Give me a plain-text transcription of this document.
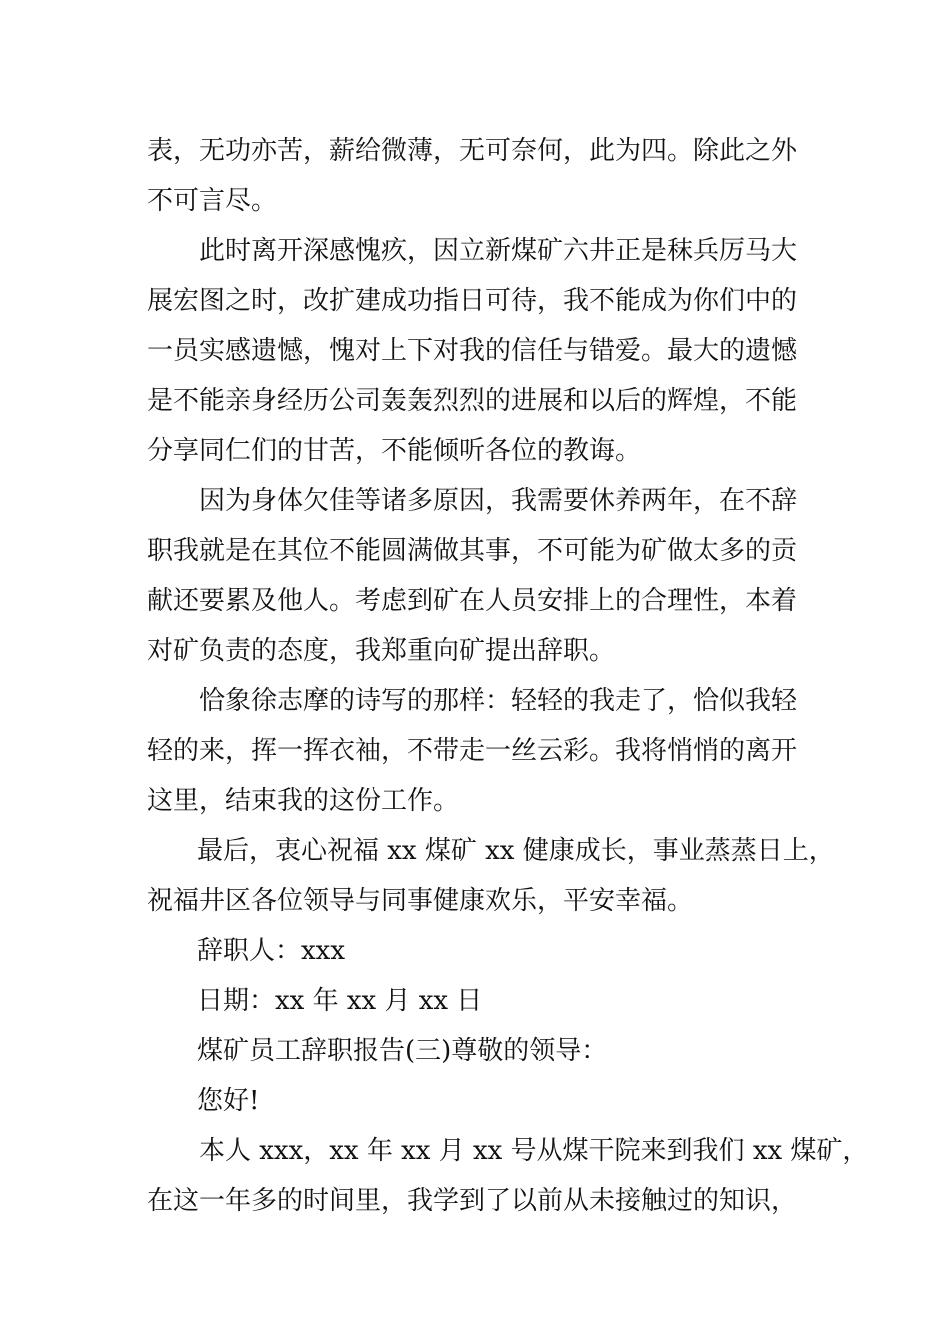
表，无功亦苦，薪给微薄，无可奈何，此为四。除此之外
不可言尽。
此时离开深感愧疚，因立新煤矿六井正是秣兵厉马大
展宏图之时，改扩建成功指日可待，我不能成为你们中的
一员实感遗憾，愧对上下对我的信任与错爱。最大的遗憾
是不能亲身经历公司轰轰烈烈的进展和以后的辉煌，不能
分享同仁们的甘苦，不能倾听各位的教诲。
因为身体欠佳等诸多原因，我需要休养两年，在不辞
职我就是在其位不能圆满做其事，不可能为矿做太多的贡
献还要累及他人。考虑到矿在人员安排上的合理性，本着
对矿负责的态度，我郑重向矿提出辞职。
恰象徐志摩的诗写的那样：轻轻的我走了，恰似我轻
轻的来，挥一挥衣袖，不带走一丝云彩。我将悄悄的离开
这里，结束我的这份工作。
最后，衷心祝福 xx 煤矿 xx 健康成长，事业蒸蒸日上，
祝福井区各位领导与同事健康欢乐，平安幸福。
辞职人：xxx
日期：xx 年 xx 月 xx 日
煤矿员工辞职报告(三)尊敬的领导：
您好!
本人 xxx，xx 年 xx 月 xx 号从煤干院来到我们 xx 煤矿，
在这一年多的时间里，我学到了以前从未接触过的知识，
